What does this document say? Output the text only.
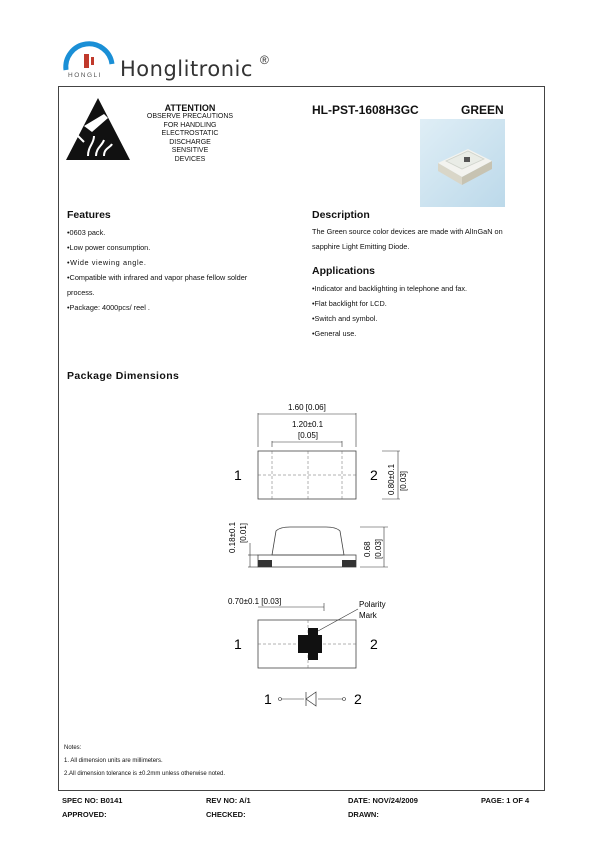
HONGLI Honglitronic ®
ATTENTION
OBSERVE PRECAUTIONS
FOR HANDLING
ELECTROSTATIC
DISCHARGE
SENSITIVE
DEVICES
HL-PST-1608H3GC	GREEN
Features
•0603 pack.
•Low power consumption.
•Wide viewing angle.
•Compatible with infrared and vapor phase fellow solder
process.
•Package: 4000pcs/ reel .
Description
The Green source color devices are made with AlInGaN on
sapphire Light Emitting Diode.
Applications
•Indicator and backlighting in telephone and fax.
•Flat backlight for LCD.
•Switch and symbol.
•General use.
Package Dimensions
1.60 [0.06]
1.20±0.1
[0.05]
1	2 0.80±0.1 [0.03]
0.18±0.1 [0.01]
0.68 [0.03]
0.70±0.1 [0.03]	Polarity
Mark
1	2
1	2
Notes:
1. All dimension units are millimeters.
2.All dimension tolerance is ±0.2mm unless otherwise noted.
SPEC NO: B0141	REV NO: A/1	DATE: NOV/24/2009	PAGE: 1 OF 4
APPROVED:	CHECKED:	DRAWN:
